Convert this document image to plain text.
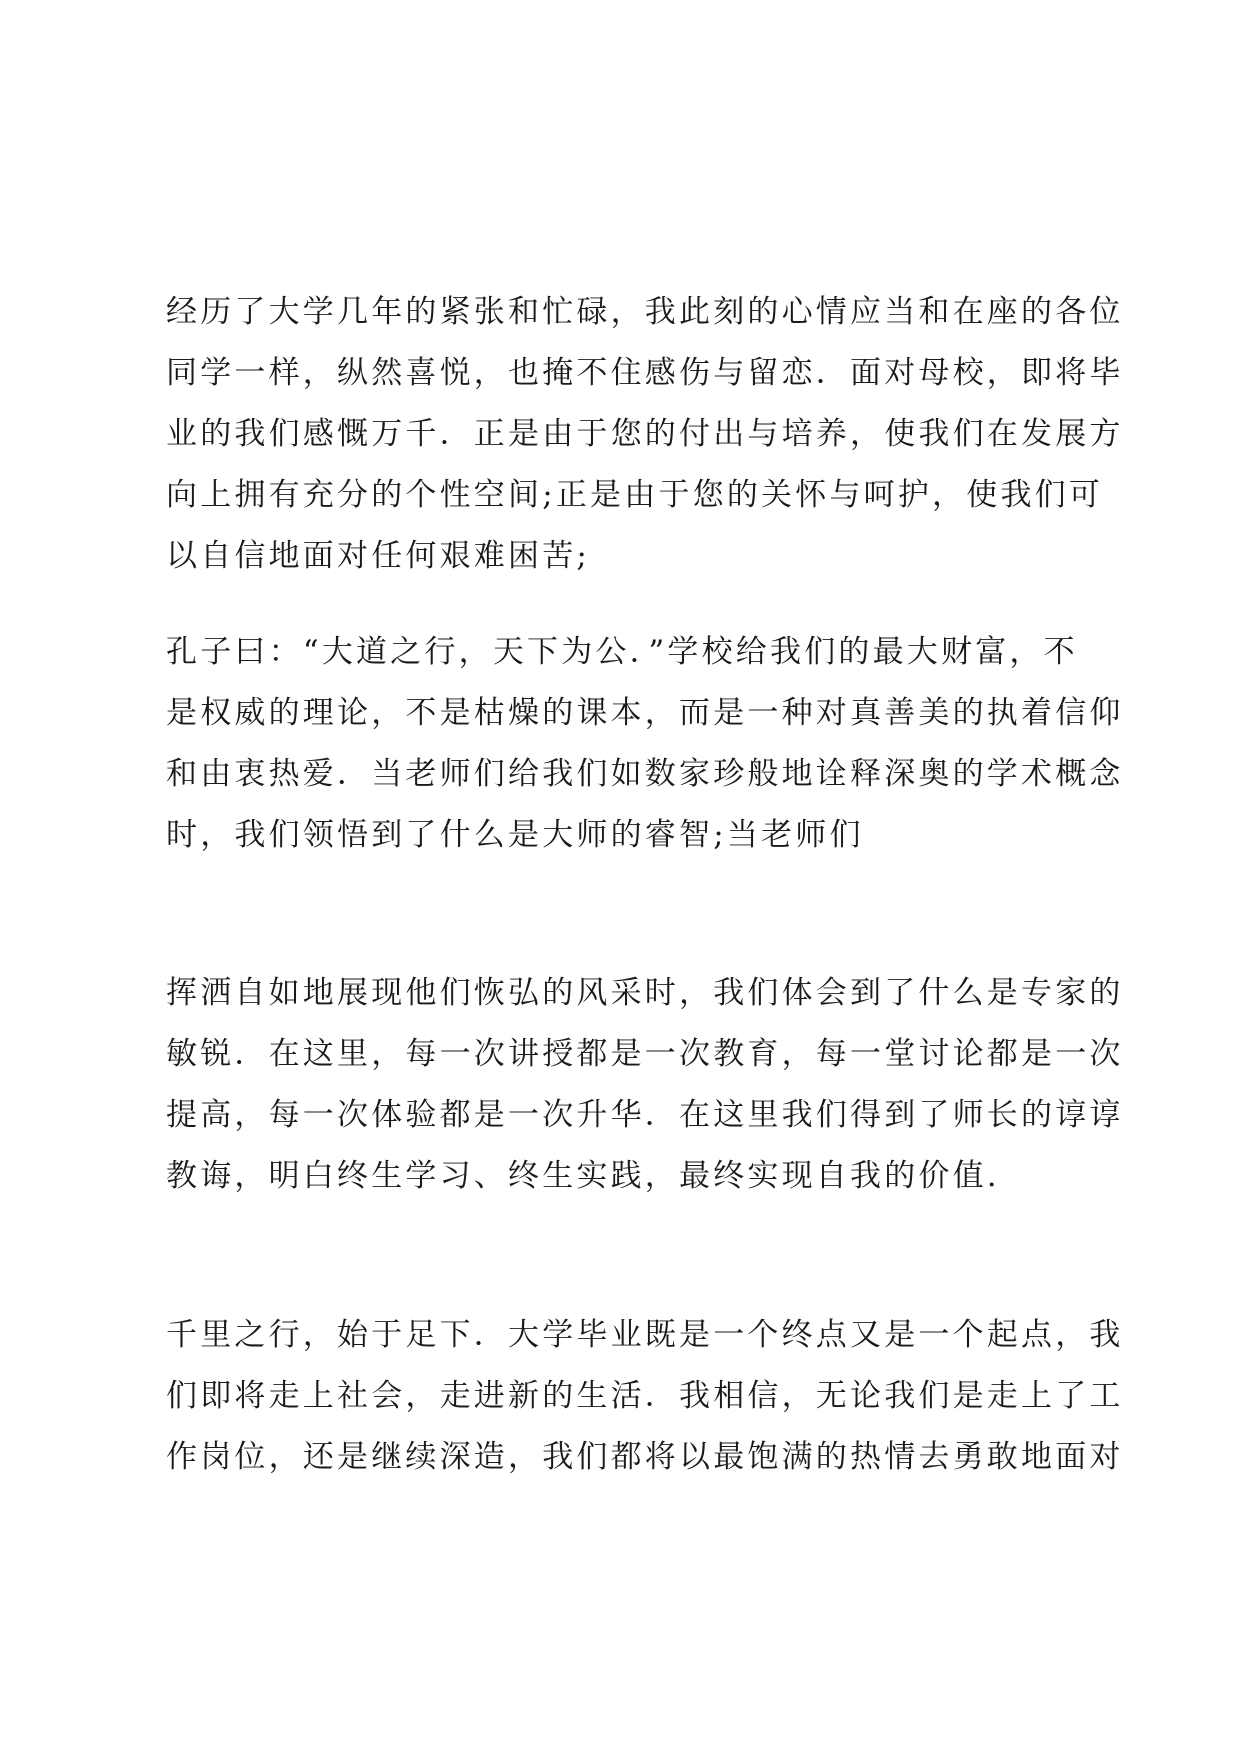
经历了大学几年的紧张和忙碌，我此刻的心情应当和在座的各位
同学一样，纵然喜悦，也掩不住感伤与留恋．面对母校，即将毕
业的我们感慨万千．正是由于您的付出与培养，使我们在发展方
向上拥有充分的个性空间;正是由于您的关怀与呵护，使我们可
以自信地面对任何艰难困苦;
孔子曰：“大道之行，天下为公．”学校给我们的最大财富，不
是权威的理论，不是枯燥的课本，而是一种对真善美的执着信仰
和由衷热爱．当老师们给我们如数家珍般地诠释深奥的学术概念
时，我们领悟到了什么是大师的睿智;当老师们
挥洒自如地展现他们恢弘的风采时，我们体会到了什么是专家的
敏锐．在这里，每一次讲授都是一次教育，每一堂讨论都是一次
提高，每一次体验都是一次升华．在这里我们得到了师长的谆谆
教诲，明白终生学习、终生实践，最终实现自我的价值.
千里之行，始于足下．大学毕业既是一个终点又是一个起点，我
们即将走上社会，走进新的生活．我相信，无论我们是走上了工
作岗位，还是继续深造，我们都将以最饱满的热情去勇敢地面对
